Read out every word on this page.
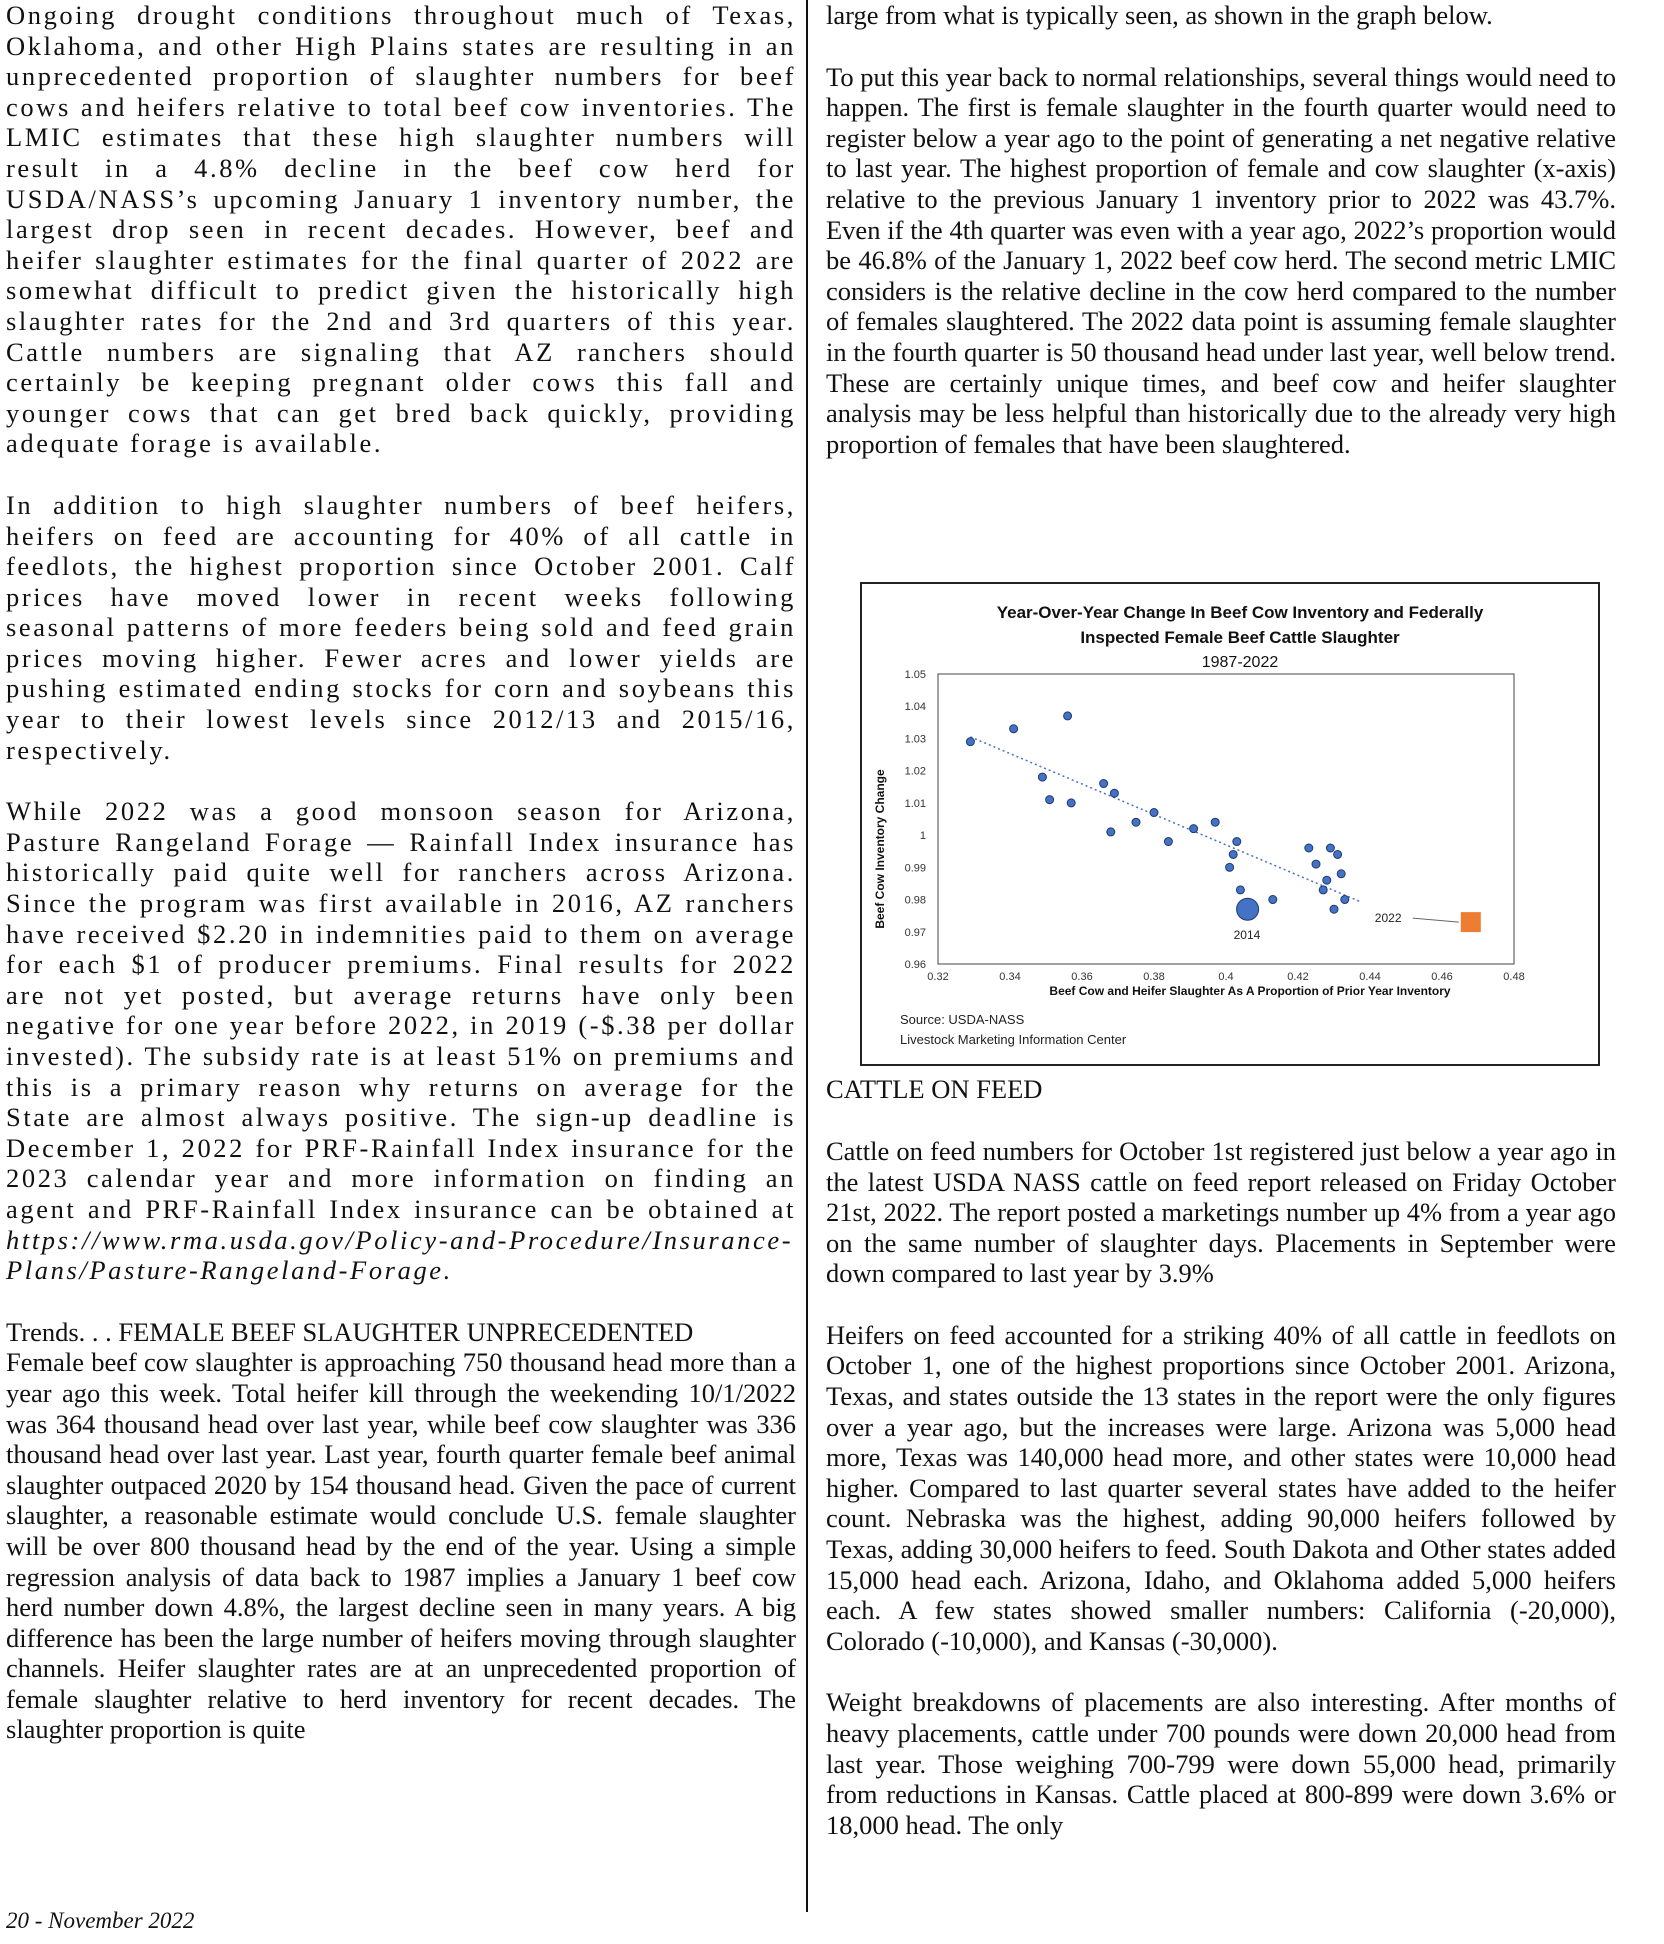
Ongoing drought conditions throughout much of Texas, Oklahoma, and other High Plains states are resulting in an unprecedented proportion of slaughter numbers for beef cows and heifers relative to total beef cow inventories. The LMIC estimates that these high slaughter numbers will result in a 4.8% decline in the beef cow herd for USDA/NASS’s upcoming January 1 inventory number, the largest drop seen in recent decades. However, beef and heifer slaughter estimates for the final quarter of 2022 are somewhat difficult to predict given the historically high slaughter rates for the 2nd and 3rd quarters of this year. Cattle numbers are signaling that AZ ranchers should certainly be keeping pregnant older cows this fall and younger cows that can get bred back quickly, providing adequate forage is available.

In addition to high slaughter numbers of beef heifers, heifers on feed are accounting for 40% of all cattle in feedlots, the highest proportion since October 2001. Calf prices have moved lower in recent weeks following seasonal patterns of more feeders being sold and feed grain prices moving higher. Fewer acres and lower yields are pushing estimated ending stocks for corn and soybeans this year to their lowest levels since 2012/13 and 2015/16, respectively.

While 2022 was a good monsoon season for Arizona, Pasture Rangeland Forage — Rainfall Index insurance has historically paid quite well for ranchers across Arizona. Since the program was first available in 2016, AZ ranchers have received $2.20 in indemnities paid to them on average for each $1 of producer premiums. Final results for 2022 are not yet posted, but average returns have only been negative for one year before 2022, in 2019 (-$.38 per dollar invested). The subsidy rate is at least 51% on premiums and this is a primary reason why returns on average for the State are almost always positive. The sign-up deadline is December 1, 2022 for PRF-Rainfall Index insurance for the 2023 calendar year and more information on finding an agent and PRF-Rainfall Index insurance can be obtained at https://www.rma.usda.gov/Policy-and-Procedure/Insurance-Plans/Pasture-Rangeland-Forage.

Trends. . . FEMALE BEEF SLAUGHTER UNPRECEDENTED

Female beef cow slaughter is approaching 750 thousand head more than a year ago this week. Total heifer kill through the weekending 10/1/2022 was 364 thousand head over last year, while beef cow slaughter was 336 thousand head over last year. Last year, fourth quarter female beef animal slaughter outpaced 2020 by 154 thousand head. Given the pace of current slaughter, a reasonable estimate would conclude U.S. female slaughter will be over 800 thousand head by the end of the year. Using a simple regression analysis of data back to 1987 implies a January 1 beef cow herd number down 4.8%, the largest decline seen in many years. A big difference has been the large number of heifers moving through slaughter channels. Heifer slaughter rates are at an unprecedented proportion of female slaughter relative to herd inventory for recent decades. The slaughter proportion is quite

large from what is typically seen, as shown in the graph below.

To put this year back to normal relationships, several things would need to happen. The first is female slaughter in the fourth quarter would need to register below a year ago to the point of generating a net negative relative to last year. The highest proportion of female and cow slaughter (x-axis) relative to the previous January 1 inventory prior to 2022 was 43.7%. Even if the 4th quarter was even with a year ago, 2022’s proportion would be 46.8% of the January 1, 2022 beef cow herd. The second metric LMIC considers is the relative decline in the cow herd compared to the number of females slaughtered. The 2022 data point is assuming female slaughter in the fourth quarter is 50 thousand head under last year, well below trend. These are certainly unique times, and beef cow and heifer slaughter analysis may be less helpful than historically due to the already very high proportion of females that have been slaughtered.

CATTLE ON FEED

Cattle on feed numbers for October 1st registered just below a year ago in the latest USDA NASS cattle on feed report released on Friday October 21st, 2022. The report posted a marketings number up 4% from a year ago on the same number of slaughter days. Placements in September were down compared to last year by 3.9%

Heifers on feed accounted for a striking 40% of all cattle in feedlots on October 1, one of the highest proportions since October 2001. Arizona, Texas, and states outside the 13 states in the report were the only figures over a year ago, but the increases were large. Arizona was 5,000 head more, Texas was 140,000 head more, and other states were 10,000 head higher. Compared to last quarter several states have added to the heifer count. Nebraska was the highest, adding 90,000 heifers followed by Texas, adding 30,000 heifers to feed. South Dakota and Other states added 15,000 head each. Arizona, Idaho, and Oklahoma added 5,000 heifers each. A few states showed smaller numbers: California (-20,000), Colorado (-10,000), and Kansas (-30,000).

Weight breakdowns of placements are also interesting. After months of heavy placements, cattle under 700 pounds were down 20,000 head from last year. Those weighing 700-799 were down 55,000 head, primarily from reductions in Kansas. Cattle placed at 800-899 were down 3.6% or 18,000 head. The only

Year-Over-Year Change In Beef Cow Inventory and Federally
Inspected Female Beef Cattle Slaughter
1987-2022
Beef Cow Inventory Change
Beef Cow and Heifer Slaughter As A Proportion of Prior Year Inventory
Source: USDA-NASS
Livestock Marketing Information Center
0.96
0.97
0.98
0.99
1
1.01
1.02
1.03
1.04
1.05
0.32	0.34	0.36	0.38	0.4	0.42	0.44	0.46	0.48
2014
2022
20 - November 2022
